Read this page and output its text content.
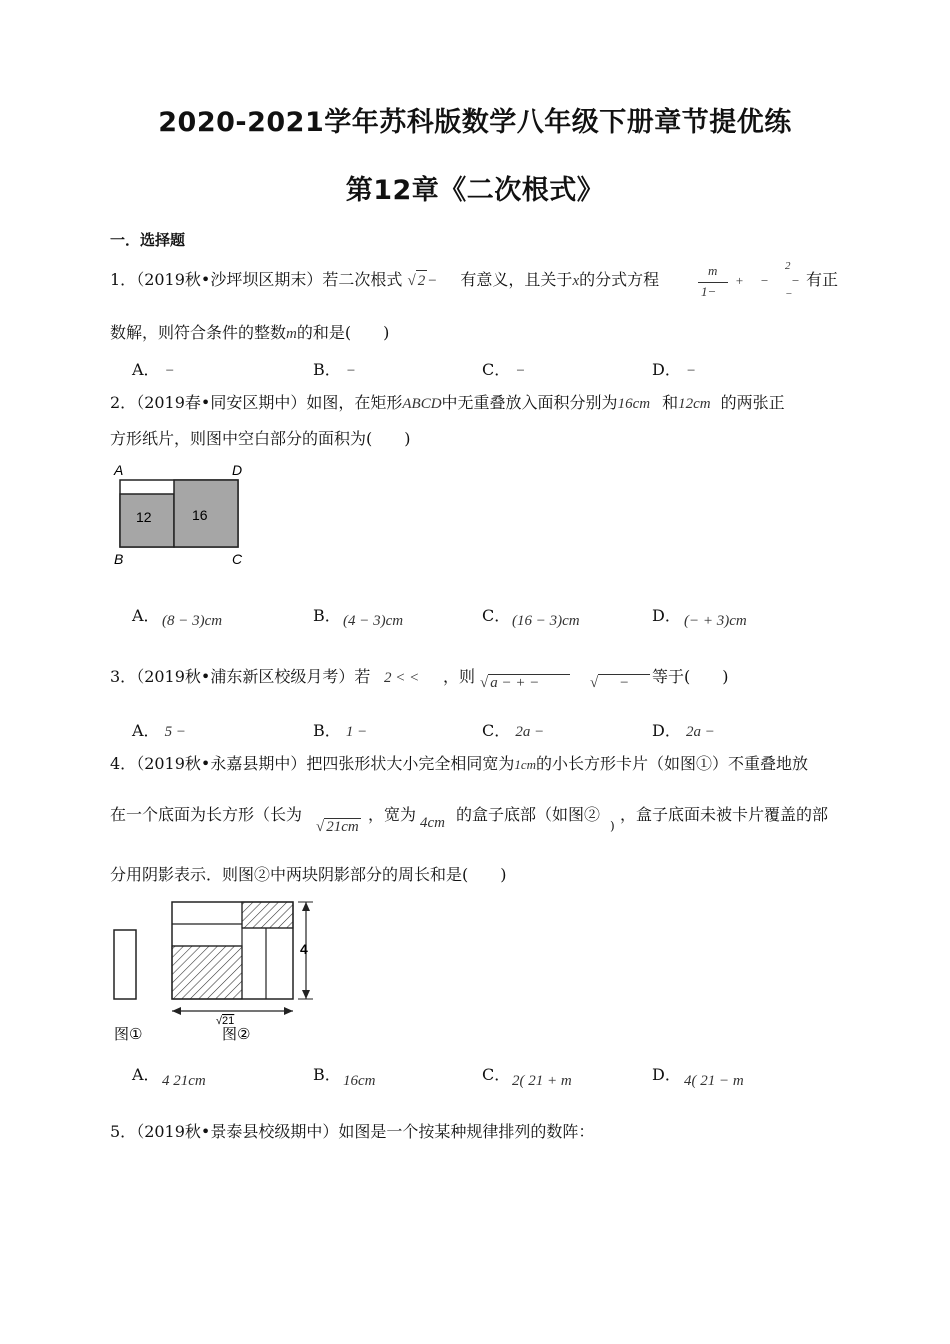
2020-2021学年苏科版数学八年级下册章节提优练
第12章《二次根式》
一．选择题
1．（2019秋•沙坪坝区期末）若二次根式 √ 2 − 有意义，且关于x的分式方程	m
1−
+ −
2
−
−
有正
数解，则符合条件的整数m的和是(　　)
A． −	B． −	C． −	D． −
2．（2019春•同安区期中）如图，在矩形ABCD中无重叠放入面积分别为16cm 和12cm 的两张正
方形纸片，则图中空白部分的面积为(　　)
A	D
B	C
12	16
A． (8 − 3)cm	B． (4 − 3)cm	C． (16 − 3)cm	D． (− + 3)cm
3．（2019秋•浦东新区校级月考）若 2 < < ，则 √ a − + −	√ −	等于(　　)
A． 5 −	B． 1 −	C． 2a −	D． 2a −
4．（2019秋•永嘉县期中）把四张形状大小完全相同宽为1cm的小长方形卡片（如图①）不重叠地放
在一个底面为长方形（长为
√ 21cm
，宽为 4cm 的盒子底部（如图②
)
，盒子底面未被卡片覆盖的部
分用阴影表示．则图②中两块阴影部分的周长和是(　　)
图①
4
√21
图②
A． 4 21cm	B． 16cm	C． 2( 21 + m	D． 4( 21 − m
5．（2019秋•景泰县校级期中）如图是一个按某种规律排列的数阵：
